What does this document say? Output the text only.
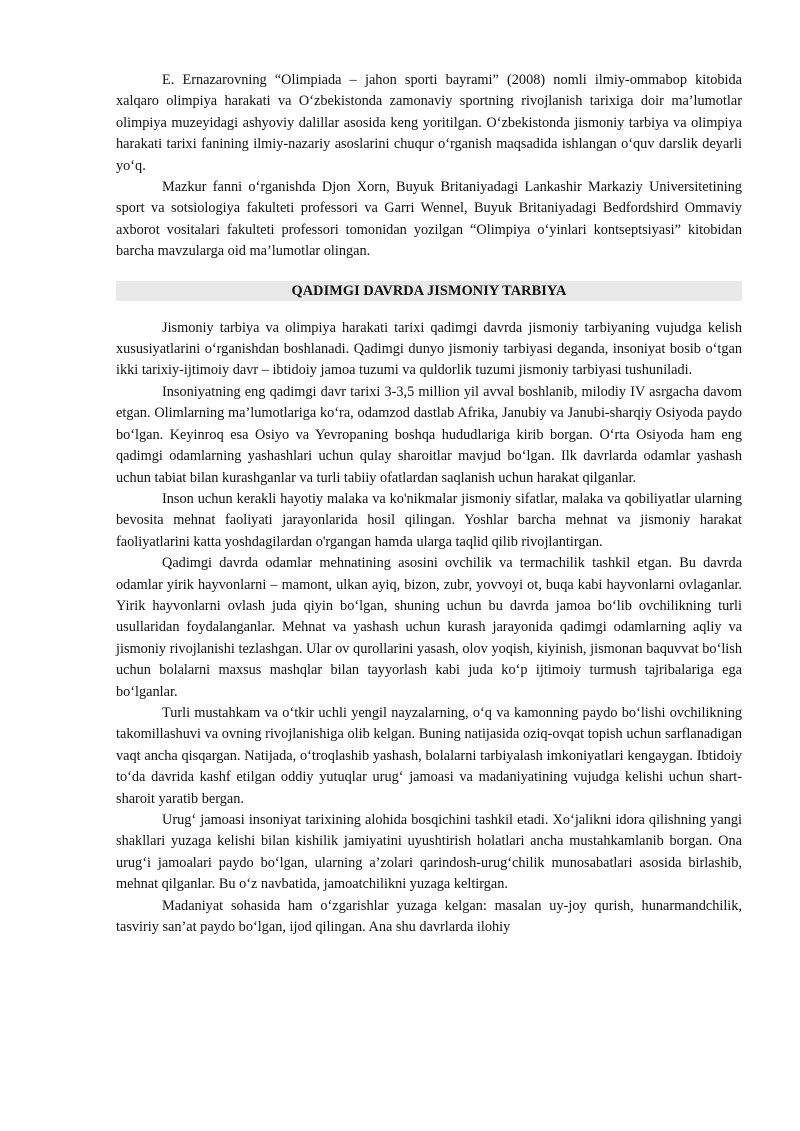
E. Ernazarovning “Olimpiada – jahon sporti bayrami” (2008) nomli ilmiy-ommabop kitobida xalqaro olimpiya harakati va O‘zbekistonda zamonaviy sportning rivojlanish tarixiga doir ma’lumotlar olimpiya muzeyidagi ashyoviy dalillar asosida keng yoritilgan. O‘zbekistonda jismoniy tarbiya va olimpiya harakati tarixi fanining ilmiy-nazariy asoslarini chuqur o‘rganish maqsadida ishlangan o‘quv darslik deyarli yo‘q.

Mazkur fanni o‘rganishda Djon Xorn, Buyuk Britaniyadagi Lankashir Markaziy Universitetining sport va sotsiologiya fakulteti professori va Garri Wennel, Buyuk Britaniyadagi Bedfordshird Ommaviy axborot vositalari fakulteti professori tomonidan yozilgan “Olimpiya o‘yinlari kontseptsiyasi” kitobidan barcha mavzularga oid ma’lumotlar olingan.

QADIMGI DAVRDA JISMONIY TARBIYA

Jismoniy tarbiya va olimpiya harakati tarixi qadimgi davrda jismoniy tarbiyaning vujudga kelish xususiyatlarini o‘rganishdan boshlanadi. Qadimgi dunyo jismoniy tarbiyasi deganda, insoniyat bosib o‘tgan ikki tarixiy-ijtimoiy davr – ibtidoiy jamoa tuzumi va quldorlik tuzumi jismoniy tarbiyasi tushuniladi.

Insoniyatning eng qadimgi davr tarixi 3-3,5 million yil avval boshlanib, milodiy IV asrgacha davom etgan. Olimlarning ma’lumotlariga ko‘ra, odamzod dastlab Afrika, Janubiy va Janubi-sharqiy Osiyoda paydo bo‘lgan. Keyinroq esa Osiyo va Yevropaning boshqa hududlariga kirib borgan. O‘rta Osiyoda ham eng qadimgi odamlarning yashashlari uchun qulay sharoitlar mavjud bo‘lgan. Ilk davrlarda odamlar yashash uchun tabiat bilan kurashganlar va turli tabiiy ofatlardan saqlanish uchun harakat qilganlar.

Inson uchun kerakli hayotiy malaka va ko'nikmalar jismoniy sifatlar, malaka va qobiliyatlar ularning bevosita mehnat faoliyati jarayonlarida hosil qilingan. Yoshlar barcha mehnat va jismoniy harakat faoliyatlarini katta yoshdagilardan o'rgangan hamda ularga taqlid qilib rivojlantirgan.

Qadimgi davrda odamlar mehnatining asosini ovchilik va termachilik tashkil etgan. Bu davrda odamlar yirik hayvonlarni – mamont, ulkan ayiq, bizon, zubr, yovvoyi ot, buqa kabi hayvonlarni ovlaganlar. Yirik hayvonlarni ovlash juda qiyin bo‘lgan, shuning uchun bu davrda jamoa bo‘lib ovchilikning turli usullaridan foydalanganlar. Mehnat va yashash uchun kurash jarayonida qadimgi odamlarning aqliy va jismoniy rivojlanishi tezlashgan. Ular ov qurollarini yasash, olov yoqish, kiyinish, jismonan baquvvat bo‘lish uchun bolalarni maxsus mashqlar bilan tayyorlash kabi juda ko‘p ijtimoiy turmush tajribalariga ega bo‘lganlar.

Turli mustahkam va o‘tkir uchli yengil nayzalarning, o‘q va kamonning paydo bo‘lishi ovchilikning takomillashuvi va ovning rivojlanishiga olib kelgan. Buning natijasida oziq-ovqat topish uchun sarflanadigan vaqt ancha qisqargan. Natijada, o‘troqlashib yashash, bolalarni tarbiyalash imkoniyatlari kengaygan. Ibtidoiy to‘da davrida kashf etilgan oddiy yutuqlar urug‘ jamoasi va madaniyatining vujudga kelishi uchun shart-sharoit yaratib bergan.

Urug‘ jamoasi insoniyat tarixining alohida bosqichini tashkil etadi. Xo‘jalikni idora qilishning yangi shakllari yuzaga kelishi bilan kishilik jamiyatini uyushtirish holatlari ancha mustahkamlanib borgan. Ona urug‘i jamoalari paydo bo‘lgan, ularning a’zolari qarindosh-urug‘chilik munosabatlari asosida birlashib, mehnat qilganlar. Bu o‘z navbatida, jamoatchilikni yuzaga keltirgan.

Madaniyat sohasida ham o‘zgarishlar yuzaga kelgan: masalan uy-joy qurish, hunarmandchilik, tasviriy san’at paydo bo‘lgan, ijod qilingan. Ana shu davrlarda ilohiy
